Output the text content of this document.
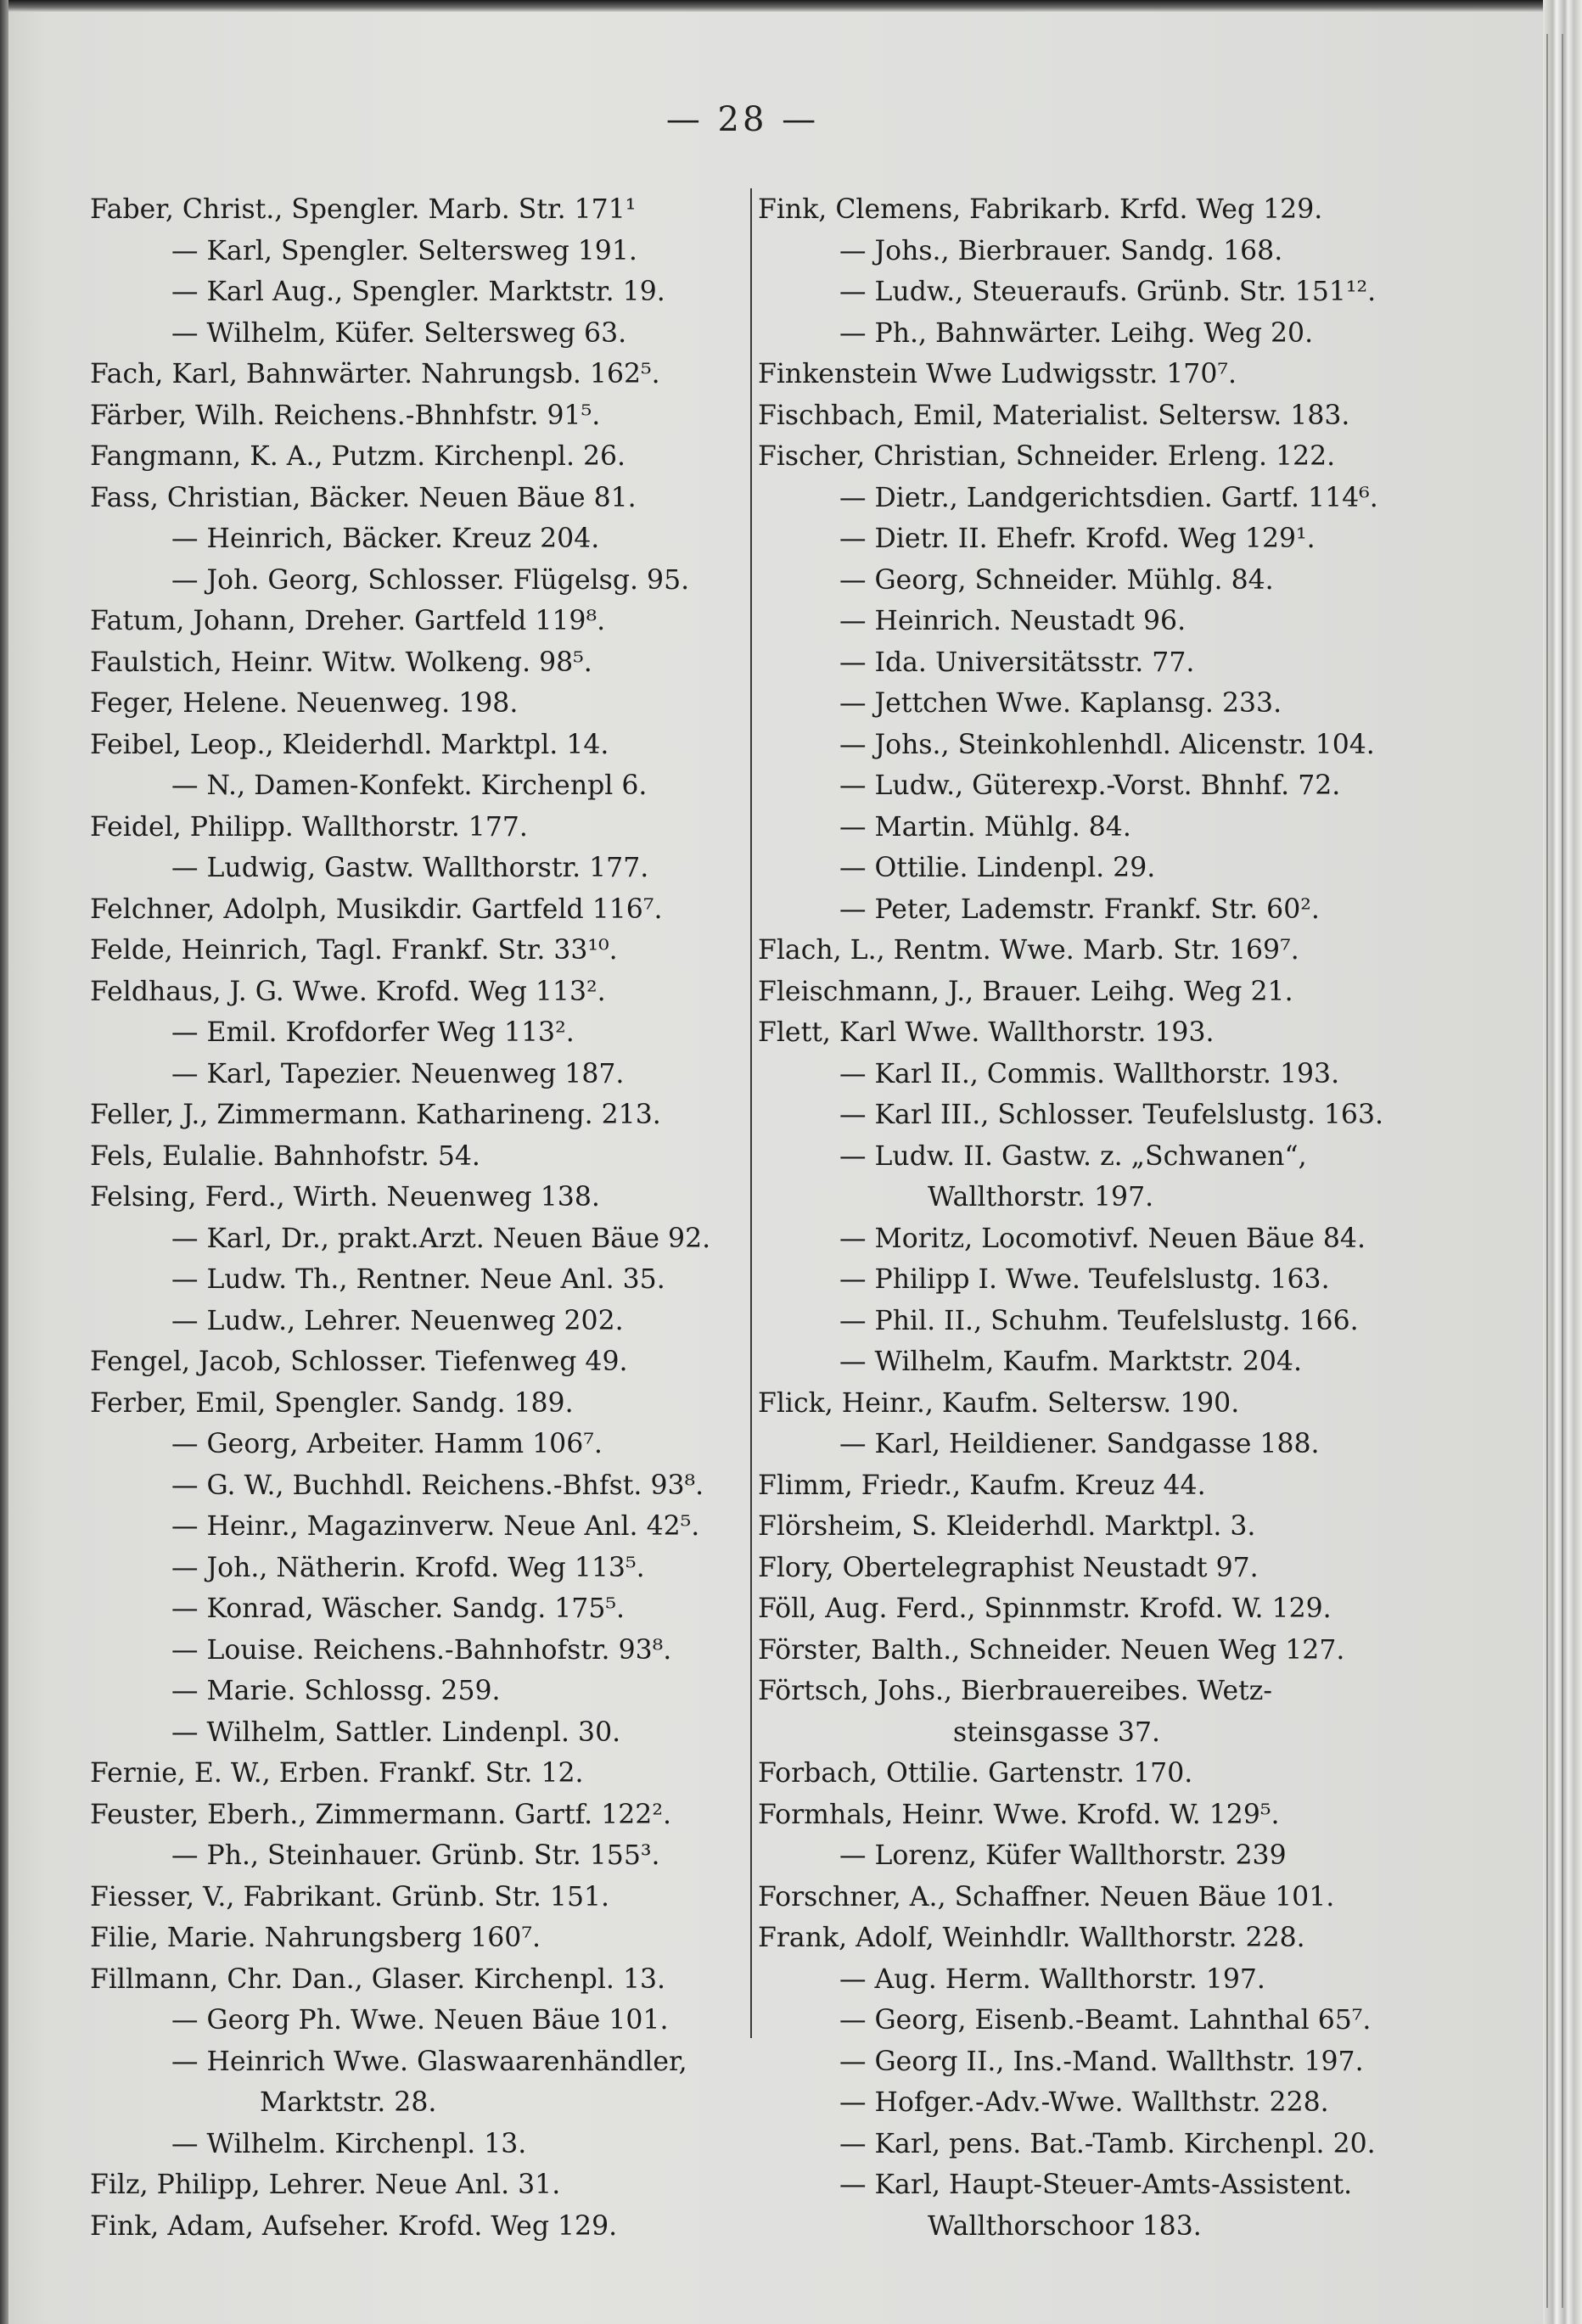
— 28 —
Faber, Christ., Spengler. Marb. Str. 171¹
— Karl, Spengler. Seltersweg 191.
— Karl Aug., Spengler. Marktstr. 19.
— Wilhelm, Küfer. Seltersweg 63.
Fach, Karl, Bahnwärter. Nahrungsb. 162⁵.
Färber, Wilh. Reichens.-Bhnhfstr. 91⁵.
Fangmann, K. A., Putzm. Kirchenpl. 26.
Fass, Christian, Bäcker. Neuen Bäue 81.
— Heinrich, Bäcker. Kreuz 204.
— Joh. Georg, Schlosser. Flügelsg. 95.
Fatum, Johann, Dreher. Gartfeld 119⁸.
Faulstich, Heinr. Witw. Wolkeng. 98⁵.
Feger, Helene. Neuenweg. 198.
Feibel, Leop., Kleiderhdl. Marktpl. 14.
— N., Damen-Konfekt. Kirchenpl 6.
Feidel, Philipp. Wallthorstr. 177.
— Ludwig, Gastw. Wallthorstr. 177.
Felchner, Adolph, Musikdir. Gartfeld 116⁷.
Felde, Heinrich, Tagl. Frankf. Str. 33¹⁰.
Feldhaus, J. G. Wwe. Krofd. Weg 113².
— Emil. Krofdorfer Weg 113².
— Karl, Tapezier. Neuenweg 187.
Feller, J., Zimmermann. Katharineng. 213.
Fels, Eulalie. Bahnhofstr. 54.
Felsing, Ferd., Wirth. Neuenweg 138.
— Karl, Dr., prakt.Arzt. Neuen Bäue 92.
— Ludw. Th., Rentner. Neue Anl. 35.
— Ludw., Lehrer. Neuenweg 202.
Fengel, Jacob, Schlosser. Tiefenweg 49.
Ferber, Emil, Spengler. Sandg. 189.
— Georg, Arbeiter. Hamm 106⁷.
— G. W., Buchhdl. Reichens.-Bhfst. 93⁸.
— Heinr., Magazinverw. Neue Anl. 42⁵.
— Joh., Nätherin. Krofd. Weg 113⁵.
— Konrad, Wäscher. Sandg. 175⁵.
— Louise. Reichens.-Bahnhofstr. 93⁸.
— Marie. Schlossg. 259.
— Wilhelm, Sattler. Lindenpl. 30.
Fernie, E. W., Erben. Frankf. Str. 12.
Feuster, Eberh., Zimmermann. Gartf. 122².
— Ph., Steinhauer. Grünb. Str. 155³.
Fiesser, V., Fabrikant. Grünb. Str. 151.
Filie, Marie. Nahrungsberg 160⁷.
Fillmann, Chr. Dan., Glaser. Kirchenpl. 13.
— Georg Ph. Wwe. Neuen Bäue 101.
— Heinrich Wwe. Glaswaarenhändler,
Marktstr. 28.
— Wilhelm. Kirchenpl. 13.
Filz, Philipp, Lehrer. Neue Anl. 31.
Fink, Adam, Aufseher. Krofd. Weg 129.
Fink, Clemens, Fabrikarb. Krfd. Weg 129.
— Johs., Bierbrauer. Sandg. 168.
— Ludw., Steueraufs. Grünb. Str. 151¹².
— Ph., Bahnwärter. Leihg. Weg 20.
Finkenstein Wwe Ludwigsstr. 170⁷.
Fischbach, Emil, Materialist. Seltersw. 183.
Fischer, Christian, Schneider. Erleng. 122.
— Dietr., Landgerichtsdien. Gartf. 114⁶.
— Dietr. II. Ehefr. Krofd. Weg 129¹.
— Georg, Schneider. Mühlg. 84.
— Heinrich. Neustadt 96.
— Ida. Universitätsstr. 77.
— Jettchen Wwe. Kaplansg. 233.
— Johs., Steinkohlenhdl. Alicenstr. 104.
— Ludw., Güterexp.-Vorst. Bhnhf. 72.
— Martin. Mühlg. 84.
— Ottilie. Lindenpl. 29.
— Peter, Lademstr. Frankf. Str. 60².
Flach, L., Rentm. Wwe. Marb. Str. 169⁷.
Fleischmann, J., Brauer. Leihg. Weg 21.
Flett, Karl Wwe. Wallthorstr. 193.
— Karl II., Commis. Wallthorstr. 193.
— Karl III., Schlosser. Teufelslustg. 163.
— Ludw. II. Gastw. z. „Schwanen“,
Wallthorstr. 197.
— Moritz, Locomotivf. Neuen Bäue 84.
— Philipp I. Wwe. Teufelslustg. 163.
— Phil. II., Schuhm. Teufelslustg. 166.
— Wilhelm, Kaufm. Marktstr. 204.
Flick, Heinr., Kaufm. Seltersw. 190.
— Karl, Heildiener. Sandgasse 188.
Flimm, Friedr., Kaufm. Kreuz 44.
Flörsheim, S. Kleiderhdl. Marktpl. 3.
Flory, Obertelegraphist Neustadt 97.
Föll, Aug. Ferd., Spinnmstr. Krofd. W. 129.
Förster, Balth., Schneider. Neuen Weg 127.
Förtsch, Johs., Bierbrauereibes. Wetz-
steinsgasse 37.
Forbach, Ottilie. Gartenstr. 170.
Formhals, Heinr. Wwe. Krofd. W. 129⁵.
— Lorenz, Küfer Wallthorstr. 239
Forschner, A., Schaffner. Neuen Bäue 101.
Frank, Adolf, Weinhdlr. Wallthorstr. 228.
— Aug. Herm. Wallthorstr. 197.
— Georg, Eisenb.-Beamt. Lahnthal 65⁷.
— Georg II., Ins.-Mand. Wallthstr. 197.
— Hofger.-Adv.-Wwe. Wallthstr. 228.
— Karl, pens. Bat.-Tamb. Kirchenpl. 20.
— Karl, Haupt-Steuer-Amts-Assistent.
Wallthorschoor 183.
